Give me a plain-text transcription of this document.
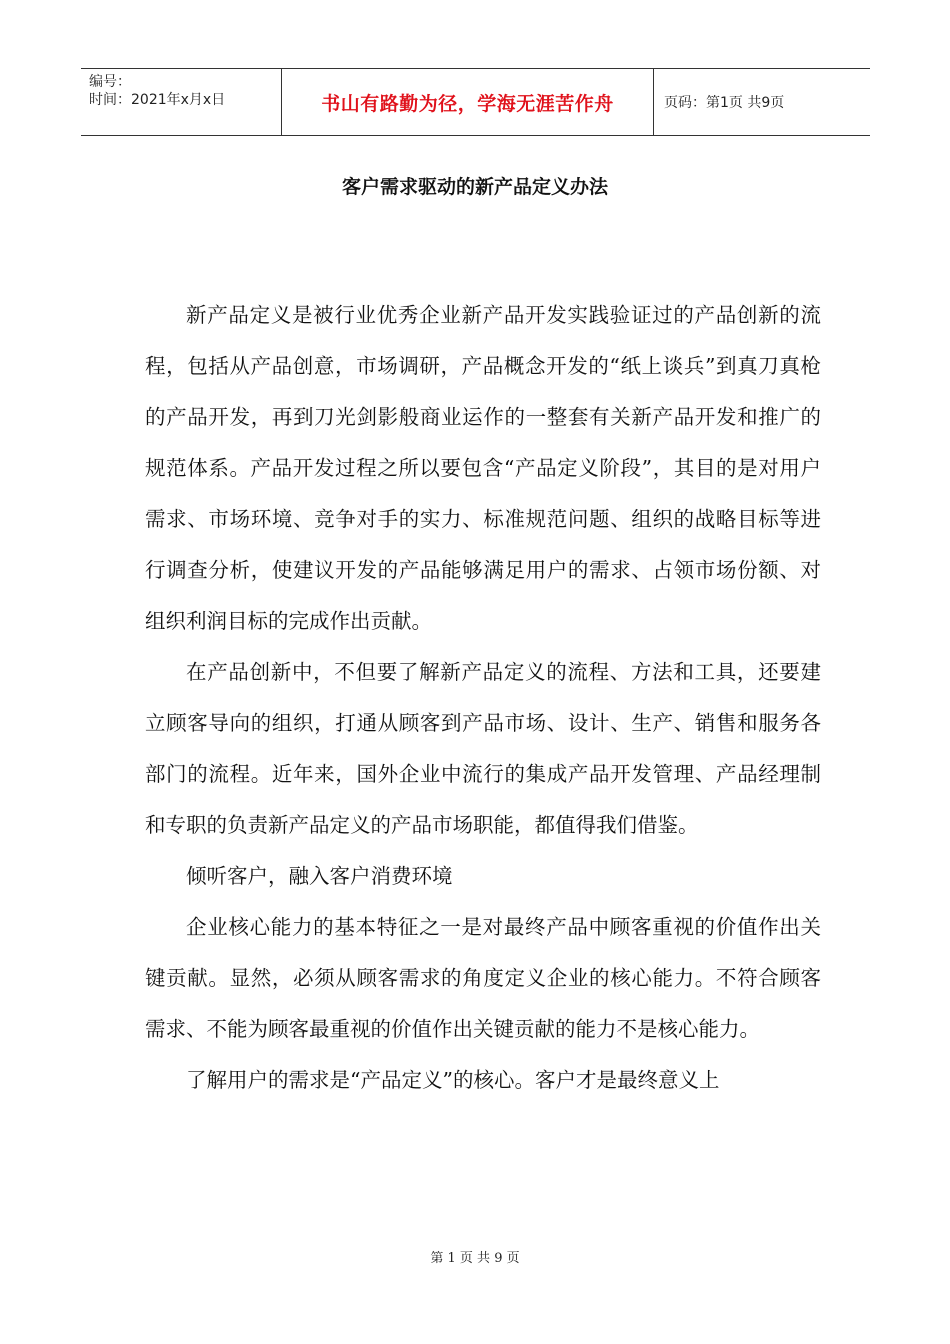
编号：
时间：2021年x月x日	书山有路勤为径，学海无涯苦作舟	页码：第1页 共9页
客户需求驱动的新产品定义办法

新产品定义是被行业优秀企业新产品开发实践验证过的产品创新的流程，包括从产品创意，市场调研，产品概念开发的“纸上谈兵”到真刀真枪的产品开发，再到刀光剑影般商业运作的一整套有关新产品开发和推广的规范体系。产品开发过程之所以要包含“产品定义阶段”，其目的是对用户需求、市场环境、竞争对手的实力、标准规范问题、组织的战略目标等进行调查分析，使建议开发的产品能够满足用户的需求、占领市场份额、对组织利润目标的完成作出贡献。

在产品创新中，不但要了解新产品定义的流程、方法和工具，还要建立顾客导向的组织，打通从顾客到产品市场、设计、生产、销售和服务各部门的流程。近年来，国外企业中流行的集成产品开发管理、产品经理制和专职的负责新产品定义的产品市场职能，都值得我们借鉴。

倾听客户，融入客户消费环境

企业核心能力的基本特征之一是对最终产品中顾客重视的价值作出关键贡献。显然，必须从顾客需求的角度定义企业的核心能力。不符合顾客需求、不能为顾客最重视的价值作出关键贡献的能力不是核心能力。

了解用户的需求是“产品定义”的核心。客户才是最终意义上

第 1 页 共 9 页
